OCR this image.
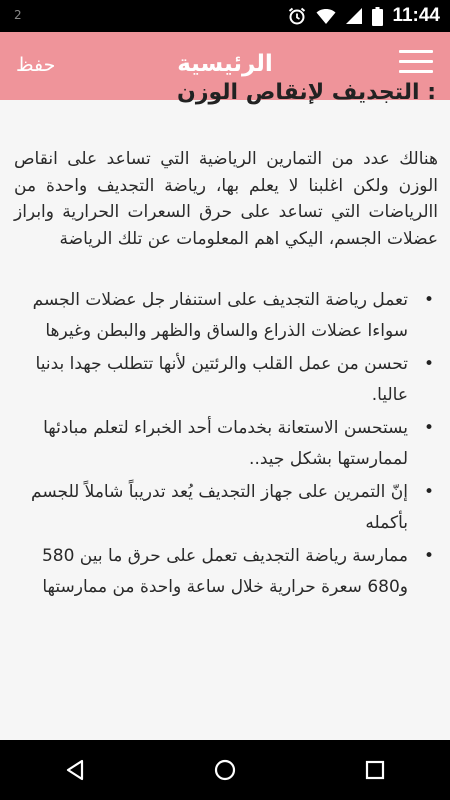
2	11:44
حفظ	الرئيسية
: التجديف لإنقاص الوزن

هنالك عدد من التمارين الرياضية التي تساعد على انقاص الوزن ولكن اغلبنا لا يعلم بها، رياضة التجديف واحدة من االرياضات التي تساعد على حرق السعرات الحرارية وابراز عضلات الجسم، اليكي اهم المعلومات عن تلك الرياضة

•
تعمل رياضة التجديف على استنفار جل عضلات الجسم سواءا عضلات الذراع والساق والظهر والبطن وغيرها
•
تحسن من عمل القلب والرئتين لأنها تتطلب جهدا بدنيا عاليا.
•
يستحسن الاستعانة بخدمات أحد الخبراء لتعلم مبادئها لممارستها بشكل جيد..
•
إنّ التمرين على جهاز التجديف يُعد تدريباً شاملاً للجسم بأكمله
•
ممارسة رياضة التجديف تعمل على حرق ما بين 580 و680 سعرة حرارية خلال ساعة واحدة من ممارستها
